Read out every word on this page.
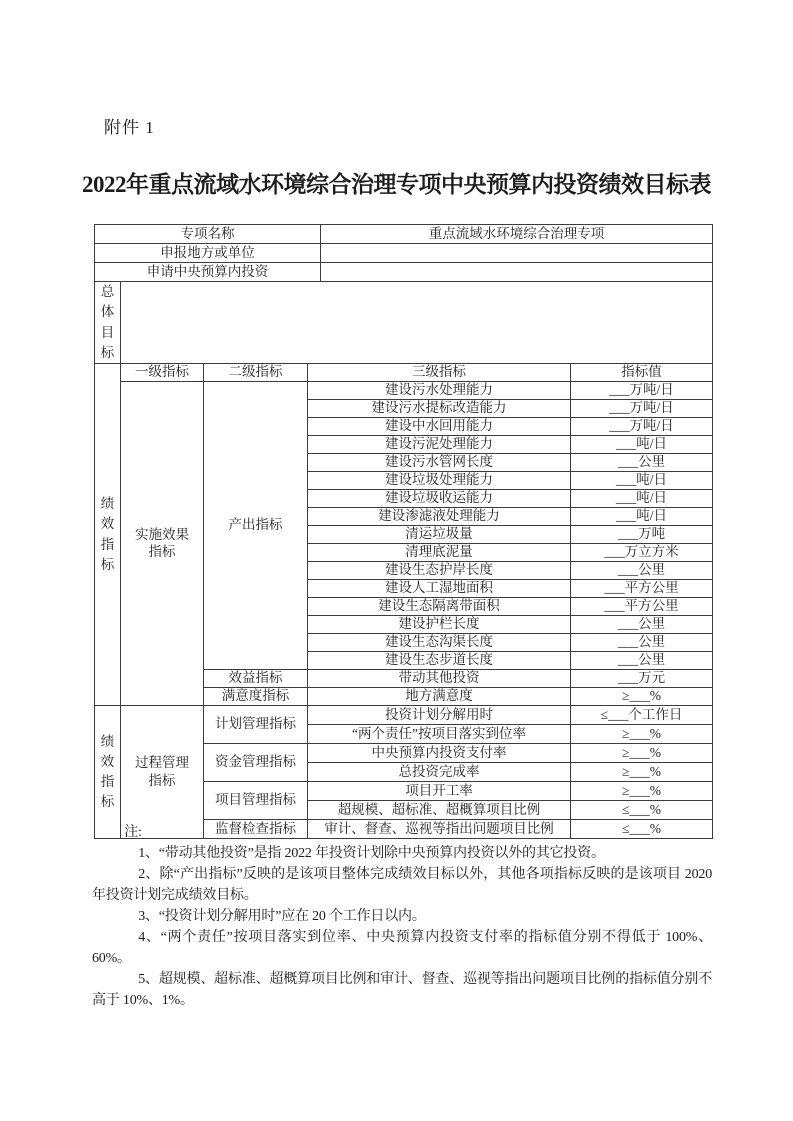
附件 1
2022年重点流域水环境综合治理专项中央预算内投资绩效目标表
专项名称		重点流域水环境综合治理专项
申报地方或单位		
申请中央预算内投资		
总体目标		
绩效指标	一级指标	二级指标	三级指标	指标值
	实施效果指标	产出指标	建设污水处理能力	___万吨/日
			建设污水提标改造能力	___万吨/日
			建设中水回用能力	___万吨/日
			建设污泥处理能力	___吨/日
			建设污水管网长度	___公里
			建设垃圾处理能力	___吨/日
			建设垃圾收运能力	___吨/日
			建设渗滤液处理能力	___吨/日
			清运垃圾量	___万吨
			清理底泥量	___万立方米
			建设生态护岸长度	___公里
			建设人工湿地面积	___平方公里
			建设生态隔离带面积	___平方公里
			建设护栏长度	___公里
			建设生态沟渠长度	___公里
			建设生态步道长度	___公里
		效益指标	带动其他投资	___万元
		满意度指标	地方满意度	≥___%
绩效指标	过程管理指标	计划管理指标	投资计划分解用时	≤___个工作日
			“两个责任”按项目落实到位率	≥___%
		资金管理指标	中央预算内投资支付率	≥___%
			总投资完成率	≥___%
		项目管理指标	项目开工率	≥___%
			超规模、超标准、超概算项目比例	≤___%
		监督检查指标	审计、督查、巡视等指出问题项目比例	≤___%

注:

1、“带动其他投资”是指 2022 年投资计划除中央预算内投资以外的其它投资。

2、除“产出指标”反映的是该项目整体完成绩效目标以外，其他各项指标反映的是该项目 2020 年投资计划完成绩效目标。

3、“投资计划分解用时”应在 20 个工作日以内。

4、“两个责任”按项目落实到位率、中央预算内投资支付率的指标值分别不得低于 100%、60%。

5、超规模、超标准、超概算项目比例和审计、督查、巡视等指出问题项目比例的指标值分别不高于 10%、1%。
